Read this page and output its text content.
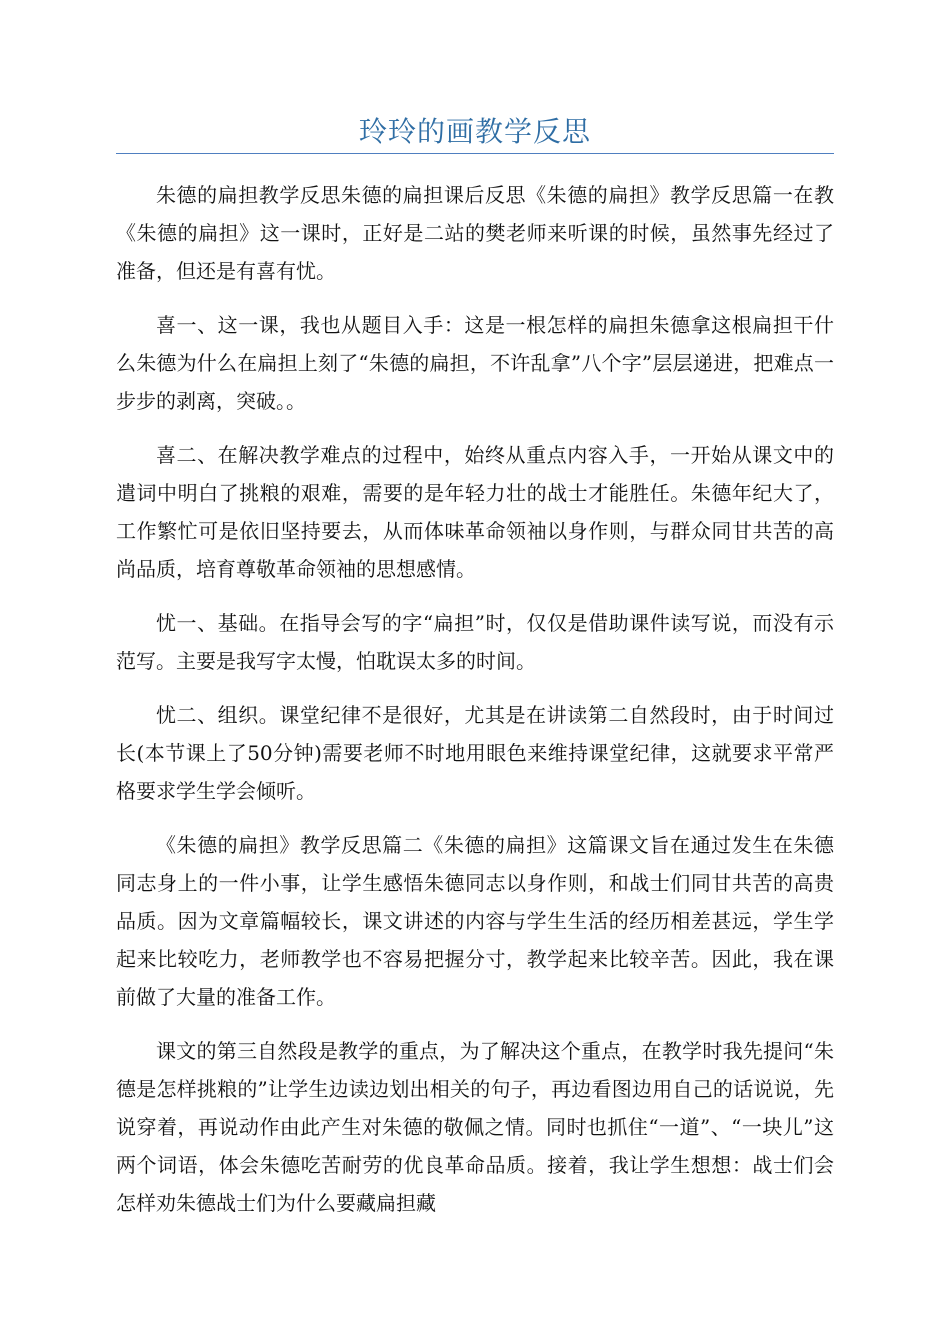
玲玲的画教学反思

朱德的扁担教学反思朱德的扁担课后反思《朱德的扁担》教学反思篇一在教《朱德的扁担》这一课时，正好是二站的樊老师来听课的时候，虽然事先经过了准备，但还是有喜有忧。

喜一、这一课，我也从题目入手：这是一根怎样的扁担朱德拿这根扁担干什么朱德为什么在扁担上刻了“朱德的扁担，不许乱拿”八个字”层层递进，把难点一步步的剥离，突破。。

喜二、在解决教学难点的过程中，始终从重点内容入手，一开始从课文中的遣词中明白了挑粮的艰难，需要的是年轻力壮的战士才能胜任。朱德年纪大了，工作繁忙可是依旧坚持要去，从而体味革命领袖以身作则，与群众同甘共苦的高尚品质，培育尊敬革命领袖的思想感情。

忧一、基础。在指导会写的字“扁担”时，仅仅是借助课件读写说，而没有示范写。主要是我写字太慢，怕耽误太多的时间。

忧二、组织。课堂纪律不是很好，尤其是在讲读第二自然段时，由于时间过长(本节课上了50分钟)需要老师不时地用眼色来维持课堂纪律，这就要求平常严格要求学生学会倾听。

《朱德的扁担》教学反思篇二《朱德的扁担》这篇课文旨在通过发生在朱德同志身上的一件小事，让学生感悟朱德同志以身作则，和战士们同甘共苦的高贵品质。因为文章篇幅较长，课文讲述的内容与学生生活的经历相差甚远，学生学起来比较吃力，老师教学也不容易把握分寸，教学起来比较辛苦。因此，我在课前做了大量的准备工作。

课文的第三自然段是教学的重点，为了解决这个重点，在教学时我先提问“朱德是怎样挑粮的”让学生边读边划出相关的句子，再边看图边用自己的话说说，先说穿着，再说动作由此产生对朱德的敬佩之情。同时也抓住“一道”、“一块儿”这两个词语，体会朱德吃苦耐劳的优良革命品质。接着，我让学生想想：战士们会怎样劝朱德战士们为什么要藏扁担藏
